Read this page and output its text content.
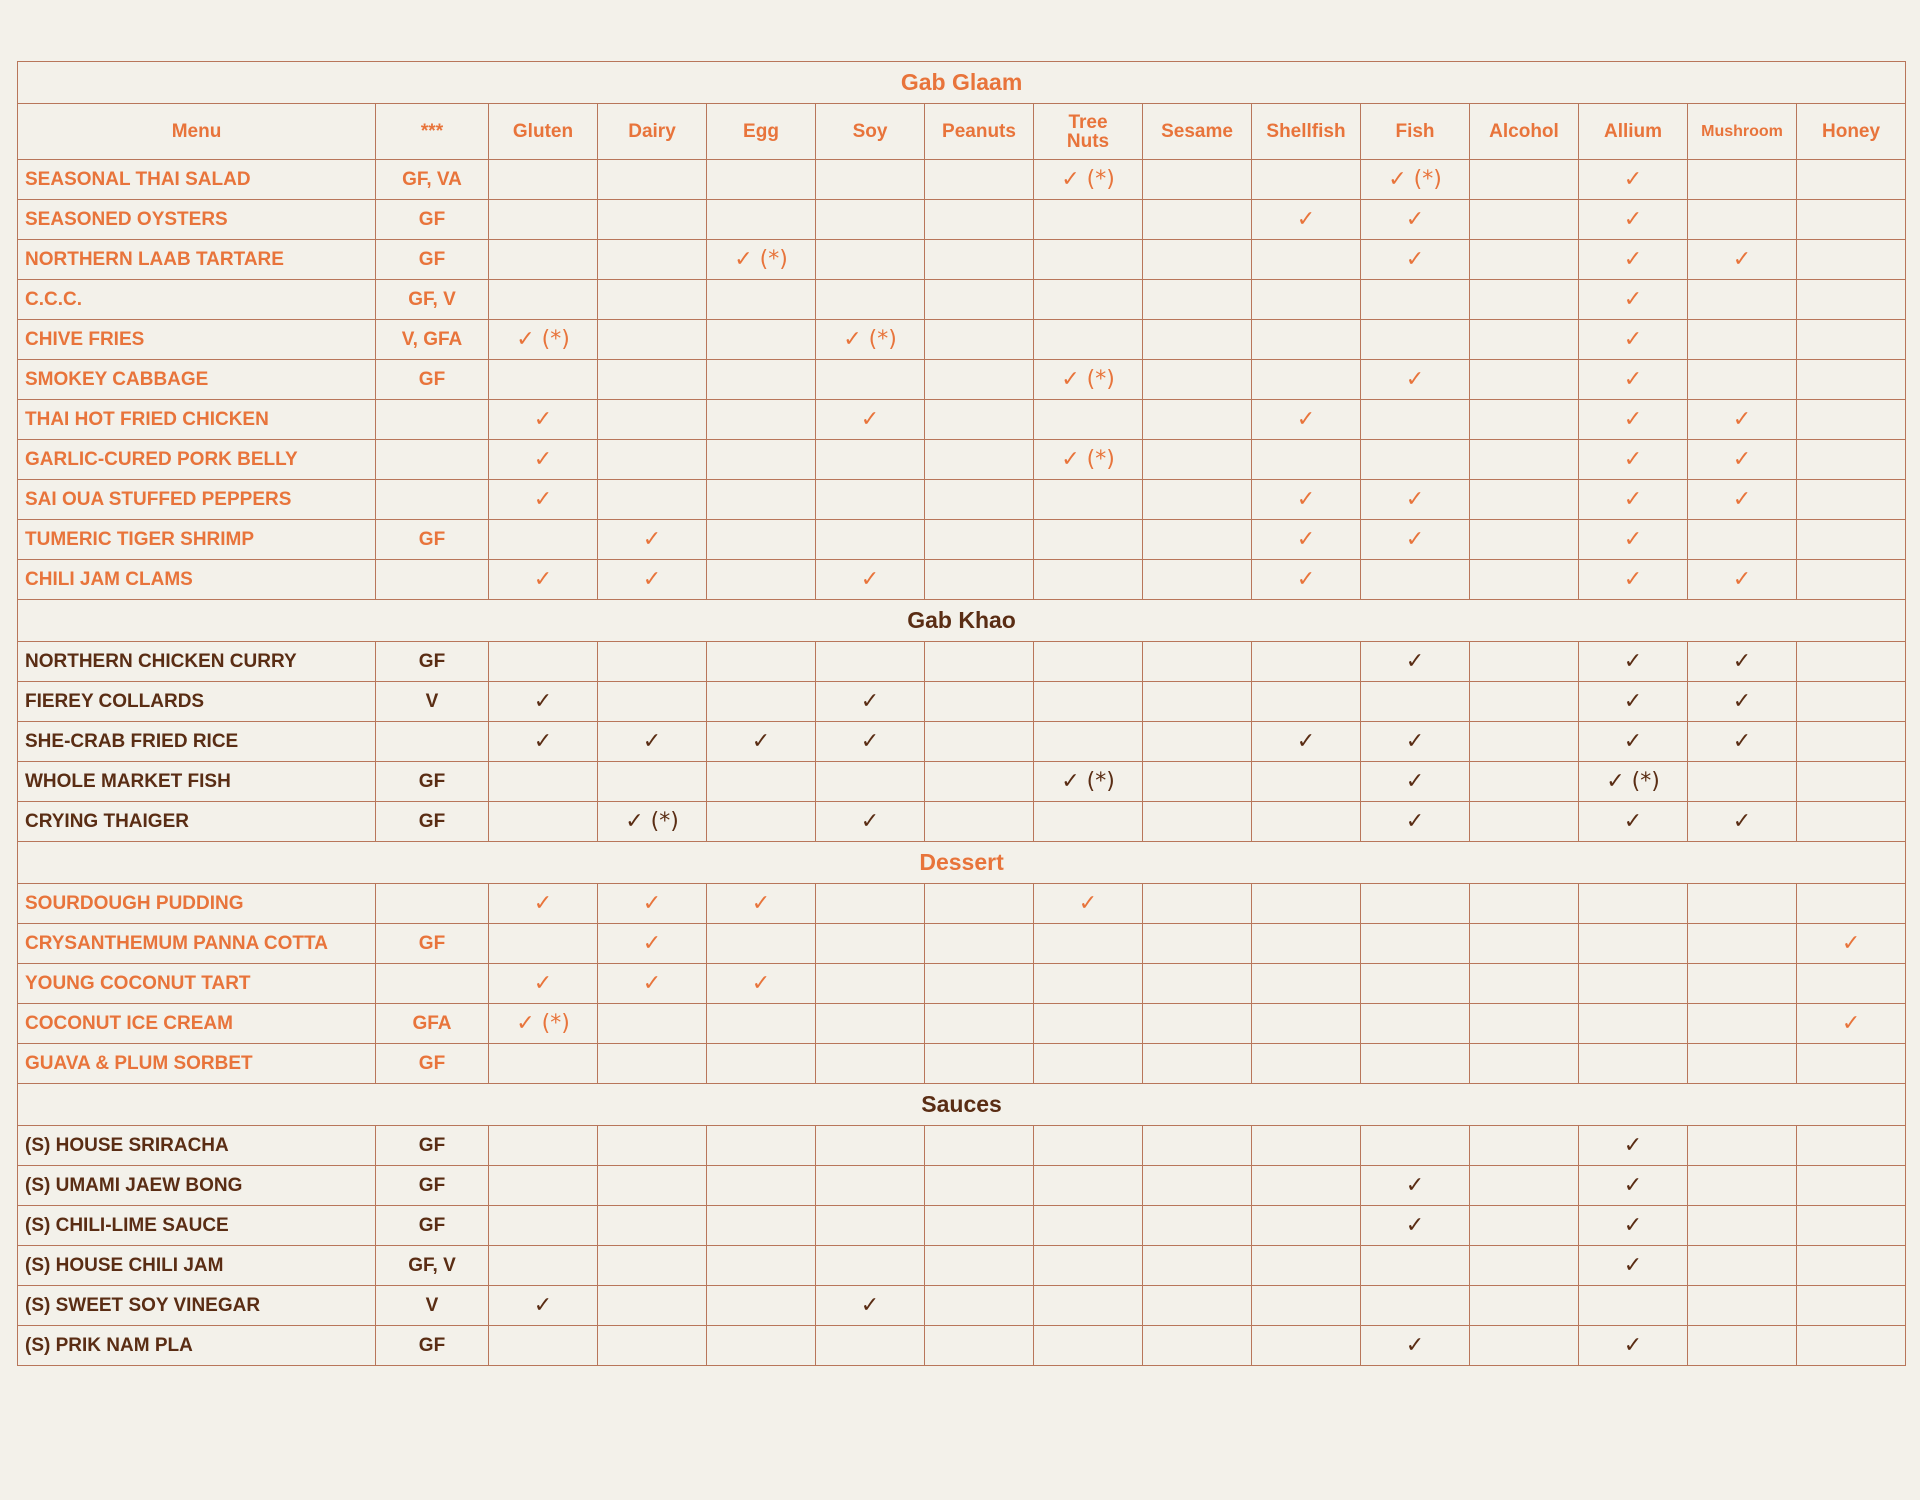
Gab Glaam														
Menu	***	Gluten	Dairy	Egg	Soy	Peanuts	Tree Nuts	Sesame	Shellfish	Fish	Alcohol	Allium	Mushroom	Honey
SEASONAL THAI SALAD	GF, VA						✓ (*)			✓ (*)		✓		
SEASONED OYSTERS	GF								✓	✓		✓		
NORTHERN LAAB TARTARE	GF			✓ (*)						✓		✓	✓	
C.C.C.	GF, V											✓		
CHIVE FRIES	V, GFA	✓ (*)			✓ (*)							✓		
SMOKEY CABBAGE	GF						✓ (*)			✓		✓		
THAI HOT FRIED CHICKEN		✓			✓				✓			✓	✓	
GARLIC-CURED PORK BELLY		✓					✓ (*)					✓	✓	
SAI OUA STUFFED PEPPERS		✓							✓	✓		✓	✓	
TUMERIC TIGER SHRIMP	GF		✓						✓	✓		✓		
CHILI JAM CLAMS		✓	✓		✓				✓			✓	✓	
Gab Khao														
NORTHERN CHICKEN CURRY	GF									✓		✓	✓	
FIEREY COLLARDS	V	✓			✓							✓	✓	
SHE-CRAB FRIED RICE		✓	✓	✓	✓				✓	✓		✓	✓	
WHOLE MARKET FISH	GF						✓ (*)			✓		✓ (*)		
CRYING THAIGER	GF		✓ (*)		✓					✓		✓	✓	
Dessert														
SOURDOUGH PUDDING		✓	✓	✓			✓							
CRYSANTHEMUM PANNA COTTA	GF		✓											✓
YOUNG COCONUT TART		✓	✓	✓										
COCONUT ICE CREAM	GFA	✓ (*)												✓
GUAVA & PLUM SORBET	GF													
Sauces														
(S) HOUSE SRIRACHA	GF											✓		
(S) UMAMI JAEW BONG	GF									✓		✓		
(S) CHILI-LIME SAUCE	GF									✓		✓		
(S) HOUSE CHILI JAM	GF, V											✓		
(S) SWEET SOY VINEGAR	V	✓			✓									
(S) PRIK NAM PLA	GF									✓		✓		
